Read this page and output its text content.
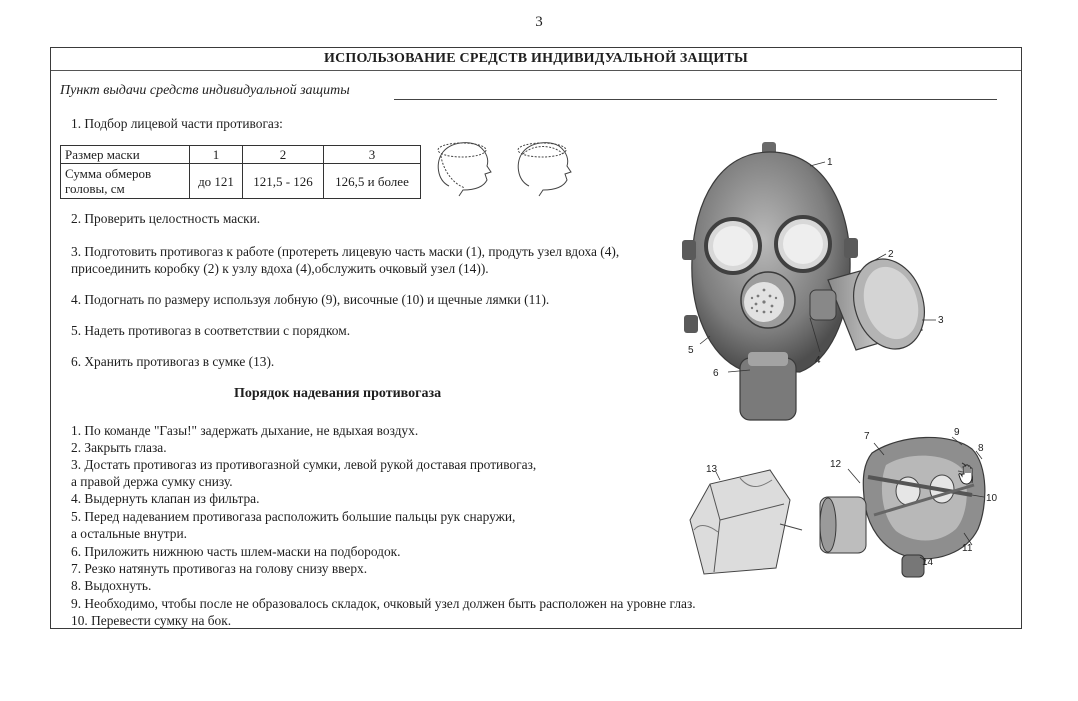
3
ИСПОЛЬЗОВАНИЕ СРЕДСТВ ИНДИВИДУАЛЬНОЙ ЗАЩИТЫ
Пункт выдачи средств индивидуальной защиты
1. Подбор лицевой части противогаз:
Размер маски	1	2	3
Сумма обмеров головы, см	до 121	121,5 - 126	126,5 и более
2. Проверить целостность маски.
3. Подготовить противогаз к работе (протереть лицевую часть маски (1), продуть узел вдоха (4),
присоединить коробку (2) к узлу вдоха (4),обслужить очковый узел (14)).
4. Подогнать по размеру используя лобную (9), височные (10) и щечные лямки (11).
5. Надеть противогаз в соответствии с порядком.
6. Хранить противогаз в сумке (13).
Порядок надевания противогаза
1. По команде "Газы!" задержать дыхание, не вдыхая воздух.
2. Закрыть глаза.
3. Достать противогаз из противогазной сумки, левой рукой доставая противогаз,
а правой держа сумку снизу.
4. Выдернуть клапан из фильтра.
5. Перед надеванием противогаза расположить большие пальцы рук снаружи,
а остальные внутри.
6. Приложить нижнюю часть шлем-маски на подбородок.
7. Резко натянуть противогаз на голову снизу вверх.
8. Выдохнуть.
9. Необходимо, чтобы после не образовалось складок, очковый узел должен быть расположен на уровне глаз.
10. Перевести сумку на бок.
1
2
3
4
5
6
13
7	9
8
12
10
11
14
